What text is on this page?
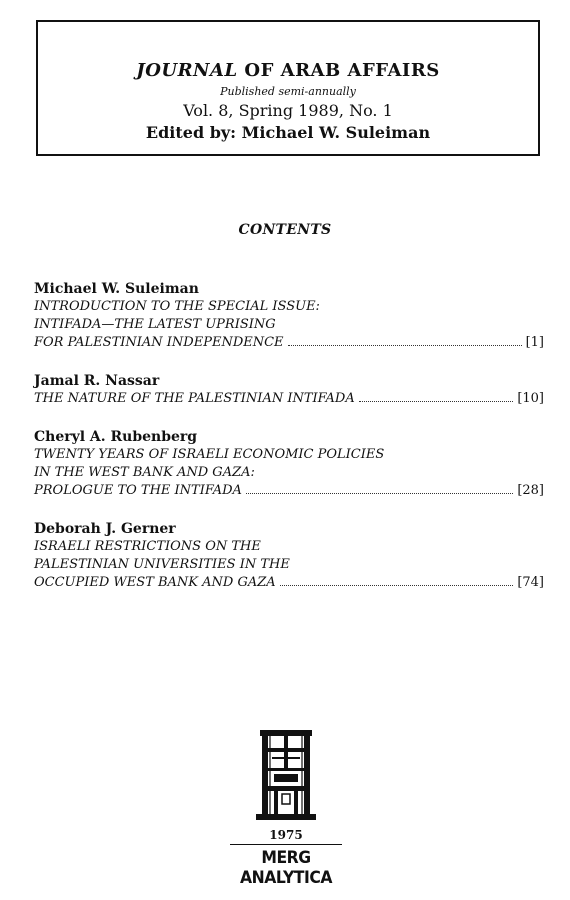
JOURNAL OF ARAB AFFAIRS
Published semi-annually
Vol. 8, Spring 1989, No. 1
Edited by: Michael W. Suleiman
CONTENTS
Michael W. Suleiman
INTRODUCTION TO THE SPECIAL ISSUE:
INTIFADA—THE LATEST UPRISING
FOR PALESTINIAN INDEPENDENCE	[1]
Jamal R. Nassar
THE NATURE OF THE PALESTINIAN INTIFADA	[10]
Cheryl A. Rubenberg
TWENTY YEARS OF ISRAELI ECONOMIC POLICIES
IN THE WEST BANK AND GAZA:
PROLOGUE TO THE INTIFADA	[28]
Deborah J. Gerner
ISRAELI RESTRICTIONS ON THE
PALESTINIAN UNIVERSITIES IN THE
OCCUPIED WEST BANK AND GAZA	[74]
1975
MERG ANALYTICA
